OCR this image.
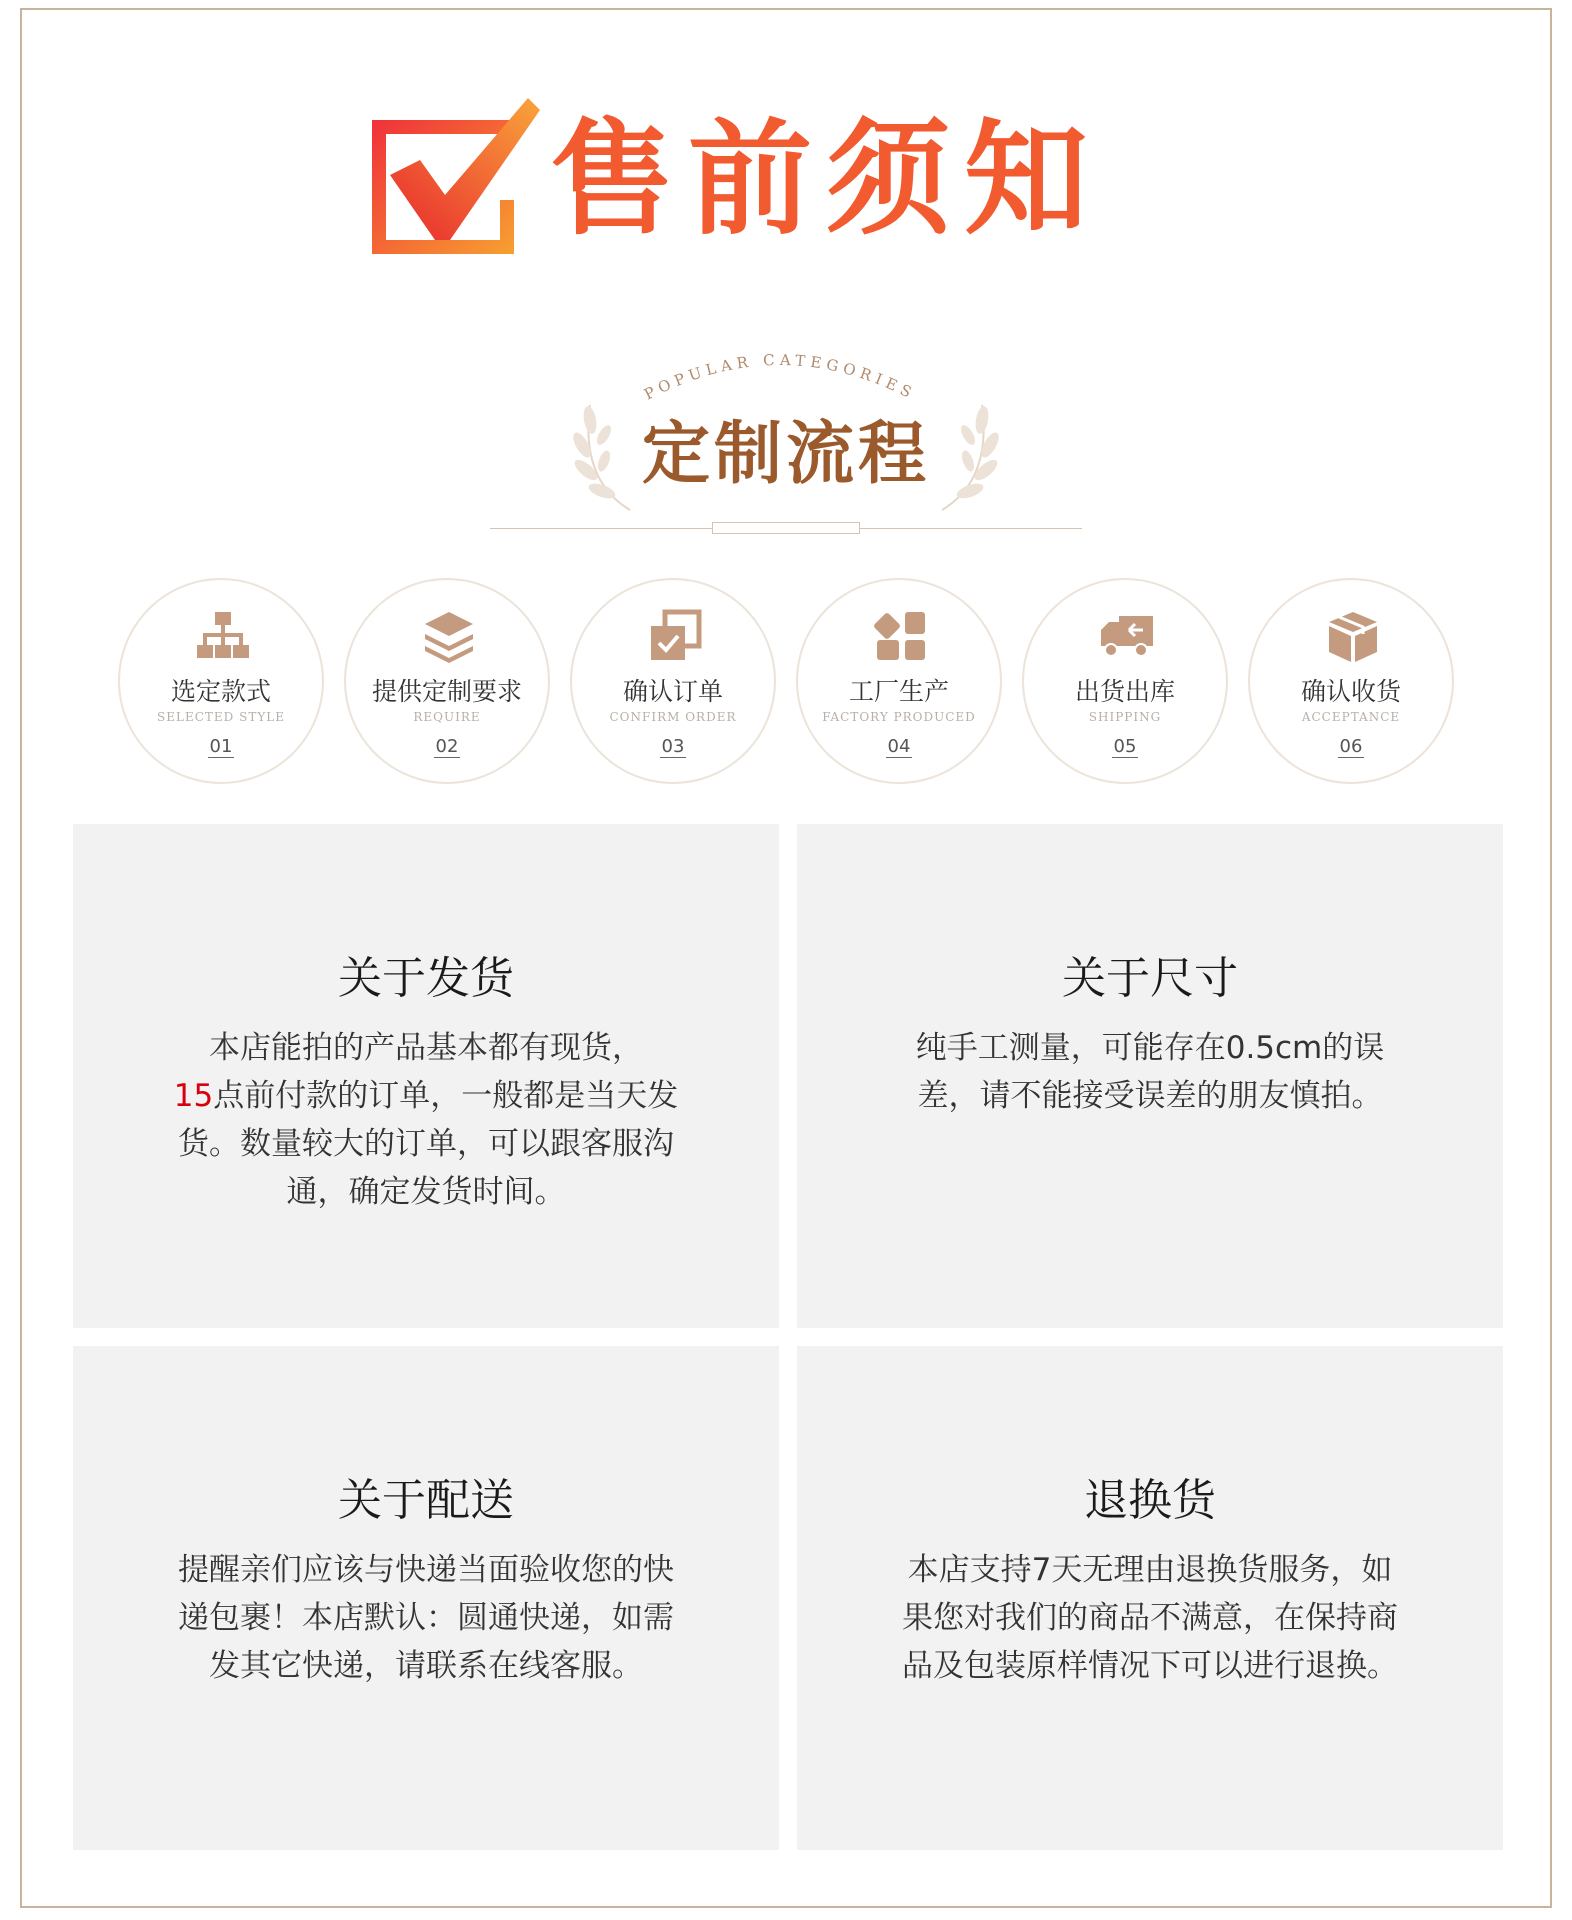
售前须知
POPULAR CATEGORIES
定制流程
选定款式
SELECTED STYLE
01
提供定制要求
REQUIRE
02
确认订单
CONFIRM ORDER
03
工厂生产
FACTORY PRODUCED
04
出货出库
SHIPPING
05
确认收货
ACCEPTANCE
06
关于发货
本店能拍的产品基本都有现货，
15点前付款的订单，一般都是当天发货。数量较大的订单，可以跟客服沟通，确定发货时间。
关于尺寸
纯手工测量，可能存在0.5cm的误差，请不能接受误差的朋友慎拍。
关于配送
提醒亲们应该与快递当面验收您的快递包裹！本店默认：圆通快递，如需发其它快递，请联系在线客服。
退换货
本店支持7天无理由退换货服务，如果您对我们的商品不满意，在保持商品及包装原样情况下可以进行退换。
